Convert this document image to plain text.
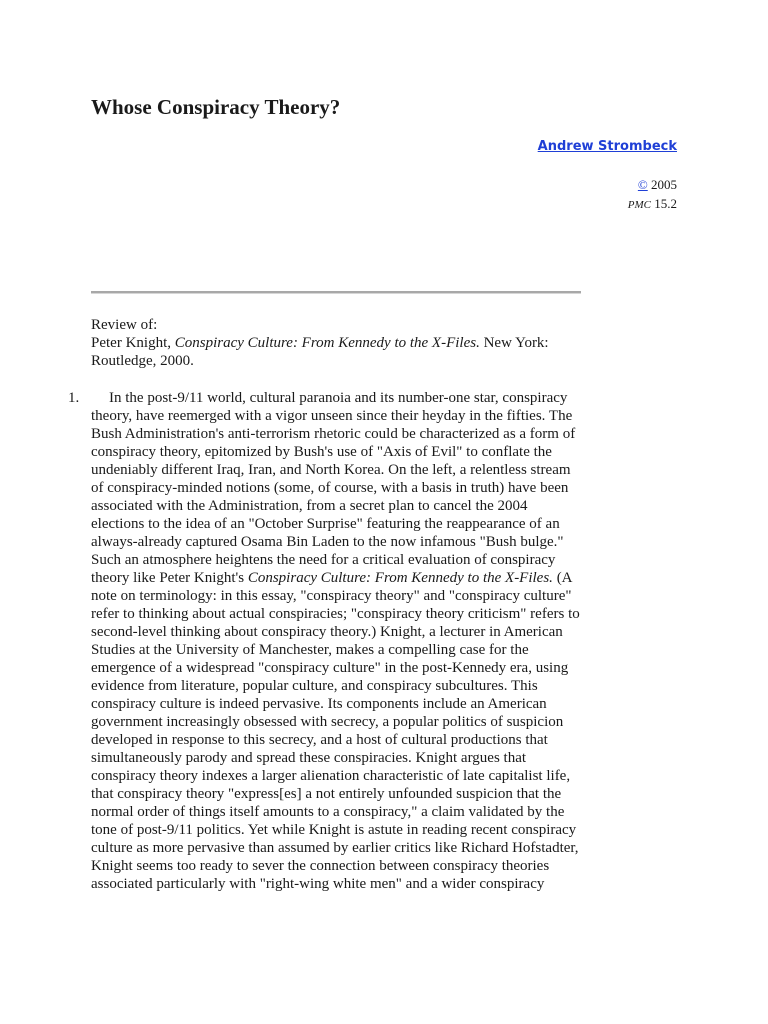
Whose Conspiracy Theory?
Andrew Strombeck
© 2005
PMC 15.2

Review of:

Peter Knight, Conspiracy Culture: From Kennedy to the X-Files. New York: Routledge, 2000.

1.	In the post-9/11 world, cultural paranoia and its number-one star, conspiracy
theory, have reemerged with a vigor unseen since their heyday in the fifties. The
Bush Administration's anti-terrorism rhetoric could be characterized as a form of
conspiracy theory, epitomized by Bush's use of "Axis of Evil" to conflate the
undeniably different Iraq, Iran, and North Korea. On the left, a relentless stream
of conspiracy-minded notions (some, of course, with a basis in truth) have been
associated with the Administration, from a secret plan to cancel the 2004
elections to the idea of an "October Surprise" featuring the reappearance of an
always-already captured Osama Bin Laden to the now infamous "Bush bulge."
Such an atmosphere heightens the need for a critical evaluation of conspiracy
theory like Peter Knight's Conspiracy Culture: From Kennedy to the X-Files. (A
note on terminology: in this essay, "conspiracy theory" and "conspiracy culture"
refer to thinking about actual conspiracies; "conspiracy theory criticism" refers to
second-level thinking about conspiracy theory.) Knight, a lecturer in American
Studies at the University of Manchester, makes a compelling case for the
emergence of a widespread "conspiracy culture" in the post-Kennedy era, using
evidence from literature, popular culture, and conspiracy subcultures. This
conspiracy culture is indeed pervasive. Its components include an American
government increasingly obsessed with secrecy, a popular politics of suspicion
developed in response to this secrecy, and a host of cultural productions that
simultaneously parody and spread these conspiracies. Knight argues that
conspiracy theory indexes a larger alienation characteristic of late capitalist life,
that conspiracy theory "express[es] a not entirely unfounded suspicion that the
normal order of things itself amounts to a conspiracy," a claim validated by the
tone of post-9/11 politics. Yet while Knight is astute in reading recent conspiracy
culture as more pervasive than assumed by earlier critics like Richard Hofstadter,
Knight seems too ready to sever the connection between conspiracy theories
associated particularly with "right-wing white men" and a wider conspiracy
